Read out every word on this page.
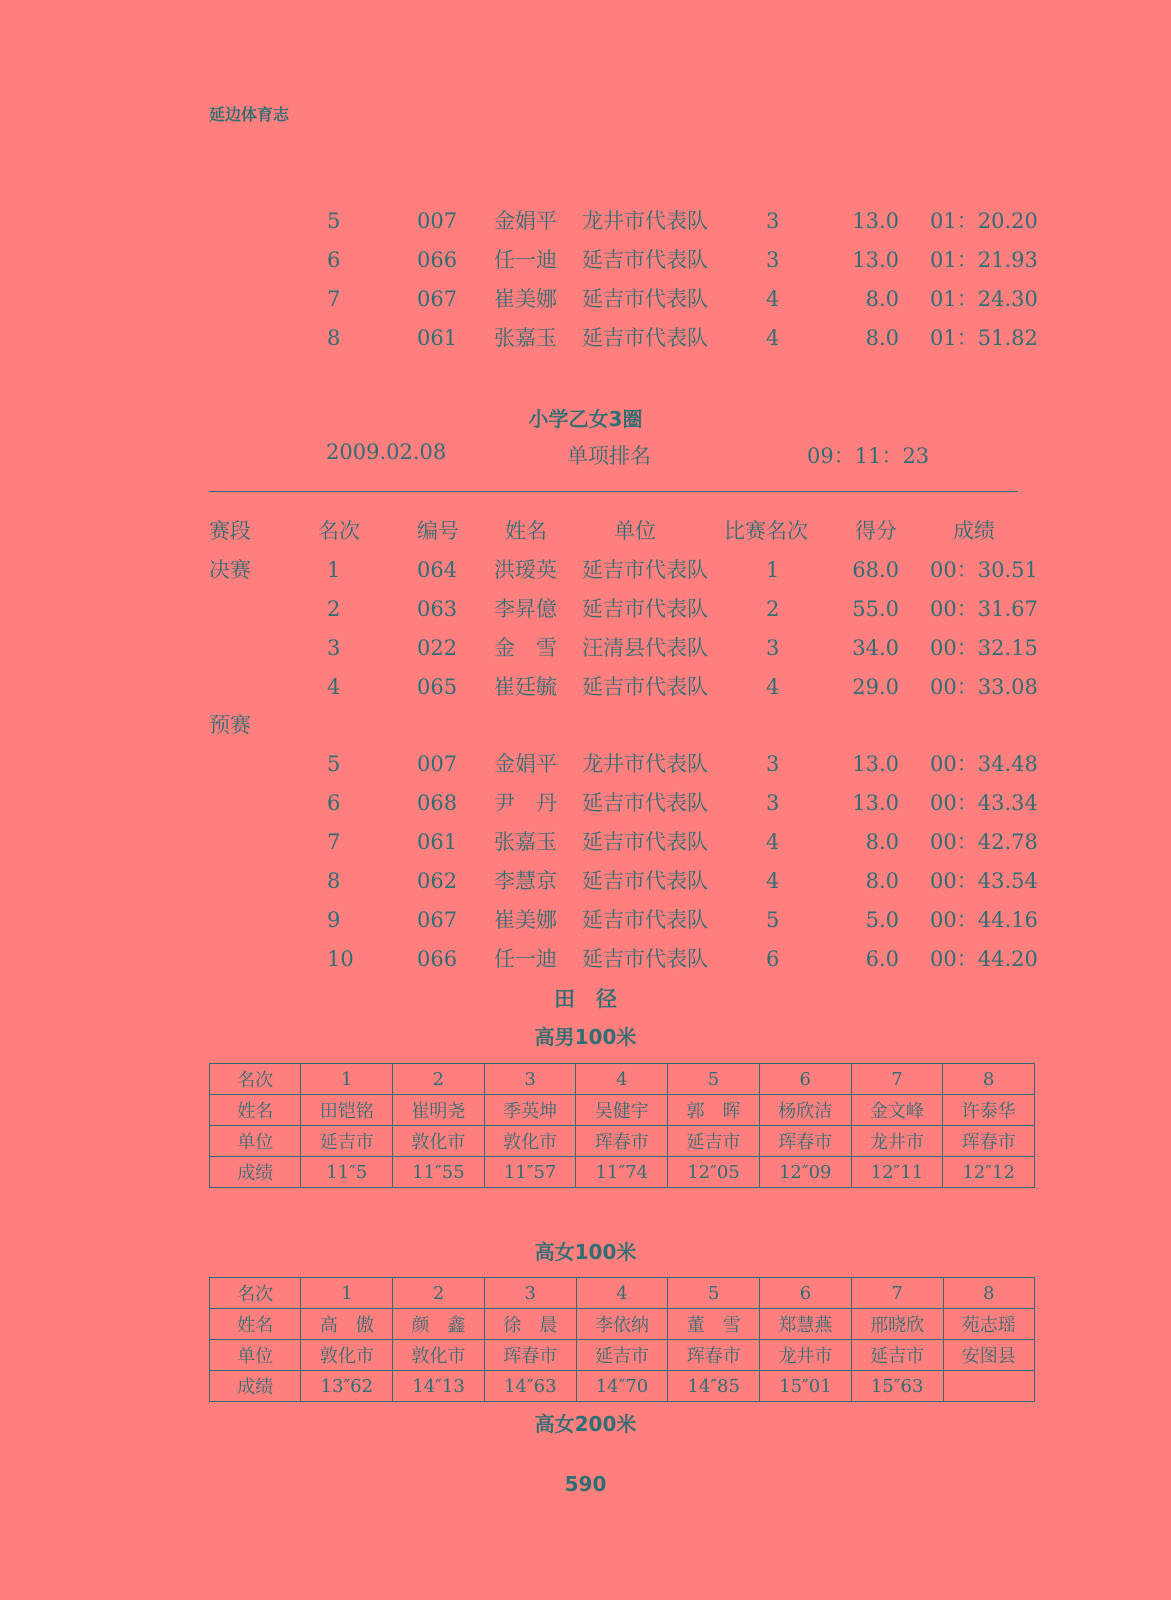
延边体育志
5	007 金娟平 龙井市代表队	3	13.0 01：20.20
6	066 任一迪 延吉市代表队	3	13.0 01：21.93
7	067 崔美娜 延吉市代表队	4	8.0 01：24.30
8	061 张嘉玉 延吉市代表队	4	8.0 01：51.82
小学乙女3圈
2009.02.08	单项排名	09：11：23
赛段	名次	编号 姓名	单位	比赛名次 得分	成绩
决赛	1	064 洪瑷英 延吉市代表队	1	68.0 00：30.51
2	063 李昇億 延吉市代表队	2	55.0 00：31.67
3	022 金　雪 汪清县代表队	3	34.0 00：32.15
4	065 崔廷毓 延吉市代表队	4	29.0 00：33.08
预赛
5	007 金娟平 龙井市代表队	3	13.0 00：34.48
6	068 尹　丹 延吉市代表队	3	13.0 00：43.34
7	061 张嘉玉 延吉市代表队	4	8.0 00：42.78
8	062 李慧京 延吉市代表队	4	8.0 00：43.54
9	067 崔美娜 延吉市代表队	5	5.0 00：44.16
10	066 任一迪 延吉市代表队	6	6.0 00：44.20
田　径
高男100米
名次	1	2	3	4	5	6	7	8
姓名	田铠铭	崔明尧	季英坤	吴健宇	郭　晖	杨欣洁	金文峰	许泰华
单位	延吉市	敦化市	敦化市	珲春市	延吉市	珲春市	龙井市	珲春市
成绩	11″5	11″55	11″57	11″74	12″05	12″09	12″11	12″12
高女100米
名次	1	2	3	4	5	6	7	8
姓名	高　傲	颜　鑫	徐　晨	李依纳	董　雪	郑慧燕	邢晓欣	苑志瑶
单位	敦化市	敦化市	珲春市	延吉市	珲春市	龙井市	延吉市	安图县
成绩	13″62	14″13	14″63	14″70	14″85	15″01	15″63	
高女200米
590
